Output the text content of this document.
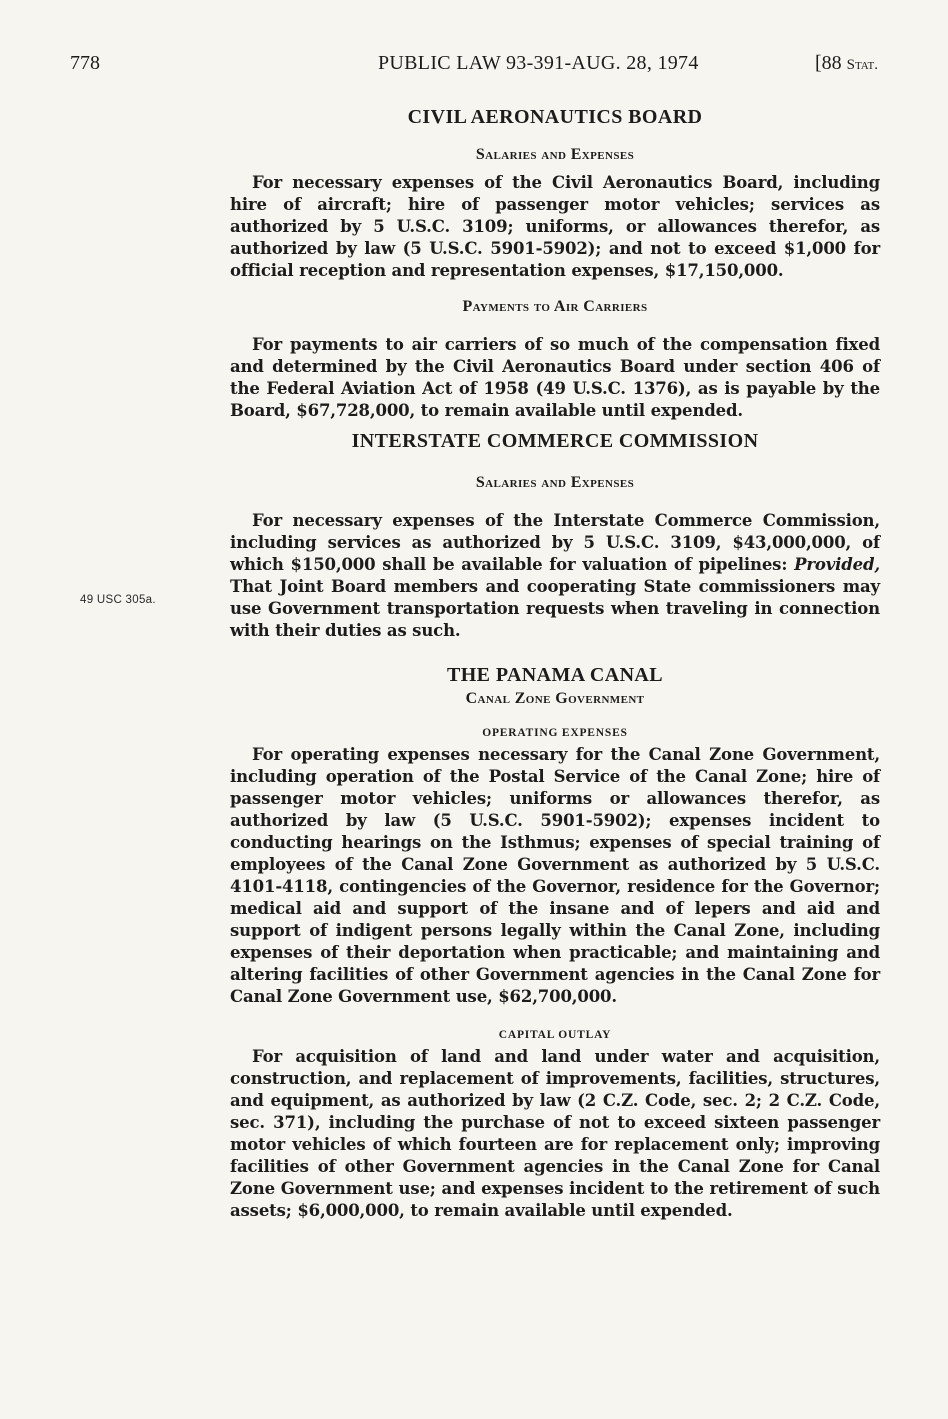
778	PUBLIC LAW 93-391-AUG. 28, 1974	[88 Stat.
49 USC 305a.
CIVIL AERONAUTICS BOARD
Salaries and Expenses

For necessary expenses of the Civil Aeronautics Board, including hire of aircraft; hire of passenger motor vehicles; services as authorized by 5 U.S.C. 3109; uniforms, or allowances therefor, as authorized by law (5 U.S.C. 5901-5902); and not to exceed $1,000 for official reception and representation expenses, $17,150,000.

Payments to Air Carriers

For payments to air carriers of so much of the compensation fixed and determined by the Civil Aeronautics Board under section 406 of the Federal Aviation Act of 1958 (49 U.S.C. 1376), as is payable by the Board, $67,728,000, to remain available until expended.

INTERSTATE COMMERCE COMMISSION
Salaries and Expenses

For necessary expenses of the Interstate Commerce Commission, including services as authorized by 5 U.S.C. 3109, $43,000,000, of which $150,000 shall be available for valuation of pipelines: Provided, That Joint Board members and cooperating State commissioners may use Government transportation requests when traveling in connection with their duties as such.

THE PANAMA CANAL
Canal Zone Government
OPERATING EXPENSES

For operating expenses necessary for the Canal Zone Government, including operation of the Postal Service of the Canal Zone; hire of passenger motor vehicles; uniforms or allowances therefor, as authorized by law (5 U.S.C. 5901-5902); expenses incident to conducting hearings on the Isthmus; expenses of special training of employees of the Canal Zone Government as authorized by 5 U.S.C. 4101-4118, contingencies of the Governor, residence for the Governor; medical aid and support of the insane and of lepers and aid and support of indigent persons legally within the Canal Zone, including expenses of their deportation when practicable; and maintaining and altering facilities of other Government agencies in the Canal Zone for Canal Zone Government use, $62,700,000.

CAPITAL OUTLAY

For acquisition of land and land under water and acquisition, construction, and replacement of improvements, facilities, structures, and equipment, as authorized by law (2 C.Z. Code, sec. 2; 2 C.Z. Code, sec. 371), including the purchase of not to exceed sixteen passenger motor vehicles of which fourteen are for replacement only; improving facilities of other Government agencies in the Canal Zone for Canal Zone Government use; and expenses incident to the retirement of such assets; $6,000,000, to remain available until expended.
